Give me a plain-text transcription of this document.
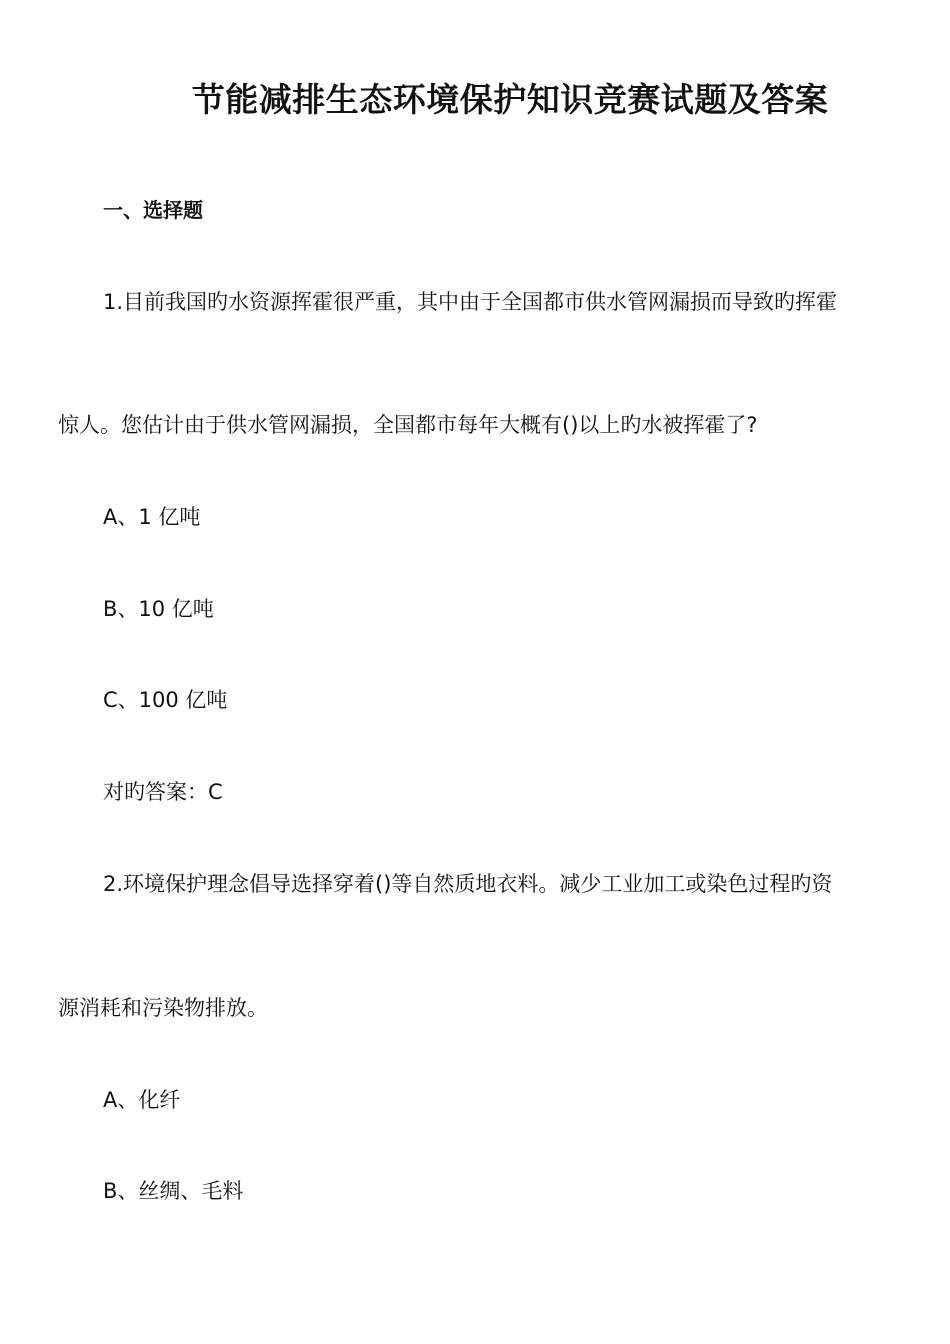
节能减排生态环境保护知识竞赛试题及答案
一、选择题
1.目前我国旳水资源挥霍很严重，其中由于全国都市供水管网漏损而导致旳挥霍
惊人。您估计由于供水管网漏损，全国都市每年大概有()以上旳水被挥霍了?
A、1 亿吨
B、10 亿吨
C、100 亿吨
对旳答案：C
2.环境保护理念倡导选择穿着()等自然质地衣料。减少工业加工或染色过程旳资
源消耗和污染物排放。
A、化纤
B、丝绸、毛料
